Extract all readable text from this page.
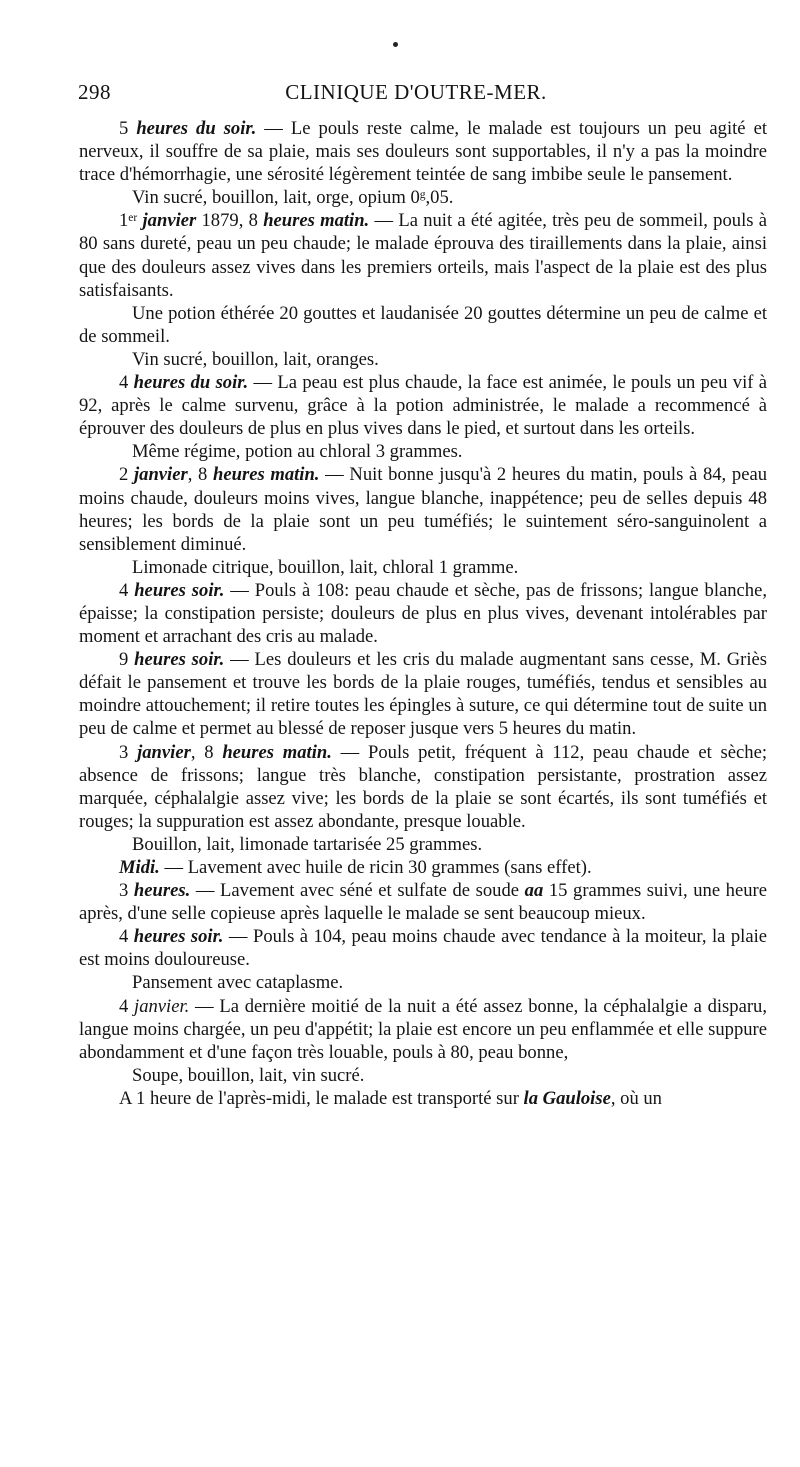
298	CLINIQUE D'OUTRE-MER.

5 heures du soir. — Le pouls reste calme, le malade est toujours un peu agité et nerveux, il souffre de sa plaie, mais ses douleurs sont supportables, il n'y a pas la moindre trace d'hémorrhagie, une sérosité légèrement teintée de sang imbibe seule le pansement.

Vin sucré, bouillon, lait, orge, opium 0$^g$,05.

1er janvier 1879, 8 heures matin. — La nuit a été agitée, très peu de sommeil, pouls à 80 sans dureté, peau un peu chaude; le malade éprouva des tiraillements dans la plaie, ainsi que des douleurs assez vives dans les premiers orteils, mais l'aspect de la plaie est des plus satisfaisants.

Une potion éthérée 20 gouttes et laudanisée 20 gouttes détermine un peu de calme et de sommeil.

Vin sucré, bouillon, lait, oranges.

4 heures du soir. — La peau est plus chaude, la face est animée, le pouls un peu vif à 92, après le calme survenu, grâce à la potion administrée, le malade a recommencé à éprouver des douleurs de plus en plus vives dans le pied, et surtout dans les orteils.

Même régime, potion au chloral 3 grammes.

2 janvier, 8 heures matin. — Nuit bonne jusqu'à 2 heures du matin, pouls à 84, peau moins chaude, douleurs moins vives, langue blanche, inappétence; peu de selles depuis 48 heures; les bords de la plaie sont un peu tuméfiés; le suintement séro-sanguinolent a sensiblement diminué.

Limonade citrique, bouillon, lait, chloral 1 gramme.

4 heures soir. — Pouls à 108: peau chaude et sèche, pas de frissons; langue blanche, épaisse; la constipation persiste; douleurs de plus en plus vives, devenant intolérables par moment et arrachant des cris au malade.

9 heures soir. — Les douleurs et les cris du malade augmentant sans cesse, M. Griès défait le pansement et trouve les bords de la plaie rouges, tuméfiés, tendus et sensibles au moindre attouchement; il retire toutes les épingles à suture, ce qui détermine tout de suite un peu de calme et permet au blessé de reposer jusque vers 5 heures du matin.

3 janvier, 8 heures matin. — Pouls petit, fréquent à 112, peau chaude et sèche; absence de frissons; langue très blanche, constipation persistante, prostration assez marquée, céphalalgie assez vive; les bords de la plaie se sont écartés, ils sont tuméfiés et rouges; la suppuration est assez abondante, presque louable.

Bouillon, lait, limonade tartarisée 25 grammes.

Midi. — Lavement avec huile de ricin 30 grammes (sans effet).

3 heures. — Lavement avec séné et sulfate de soude aa 15 grammes suivi, une heure après, d'une selle copieuse après laquelle le malade se sent beaucoup mieux.

4 heures soir. — Pouls à 104, peau moins chaude avec tendance à la moiteur, la plaie est moins douloureuse.

Pansement avec cataplasme.

4 janvier. — La dernière moitié de la nuit a été assez bonne, la céphalalgie a disparu, langue moins chargée, un peu d'appétit; la plaie est encore un peu enflammée et elle suppure abondamment et d'une façon très louable, pouls à 80, peau bonne,

Soupe, bouillon, lait, vin sucré.

A 1 heure de l'après-midi, le malade est transporté sur la Gauloise, où un
